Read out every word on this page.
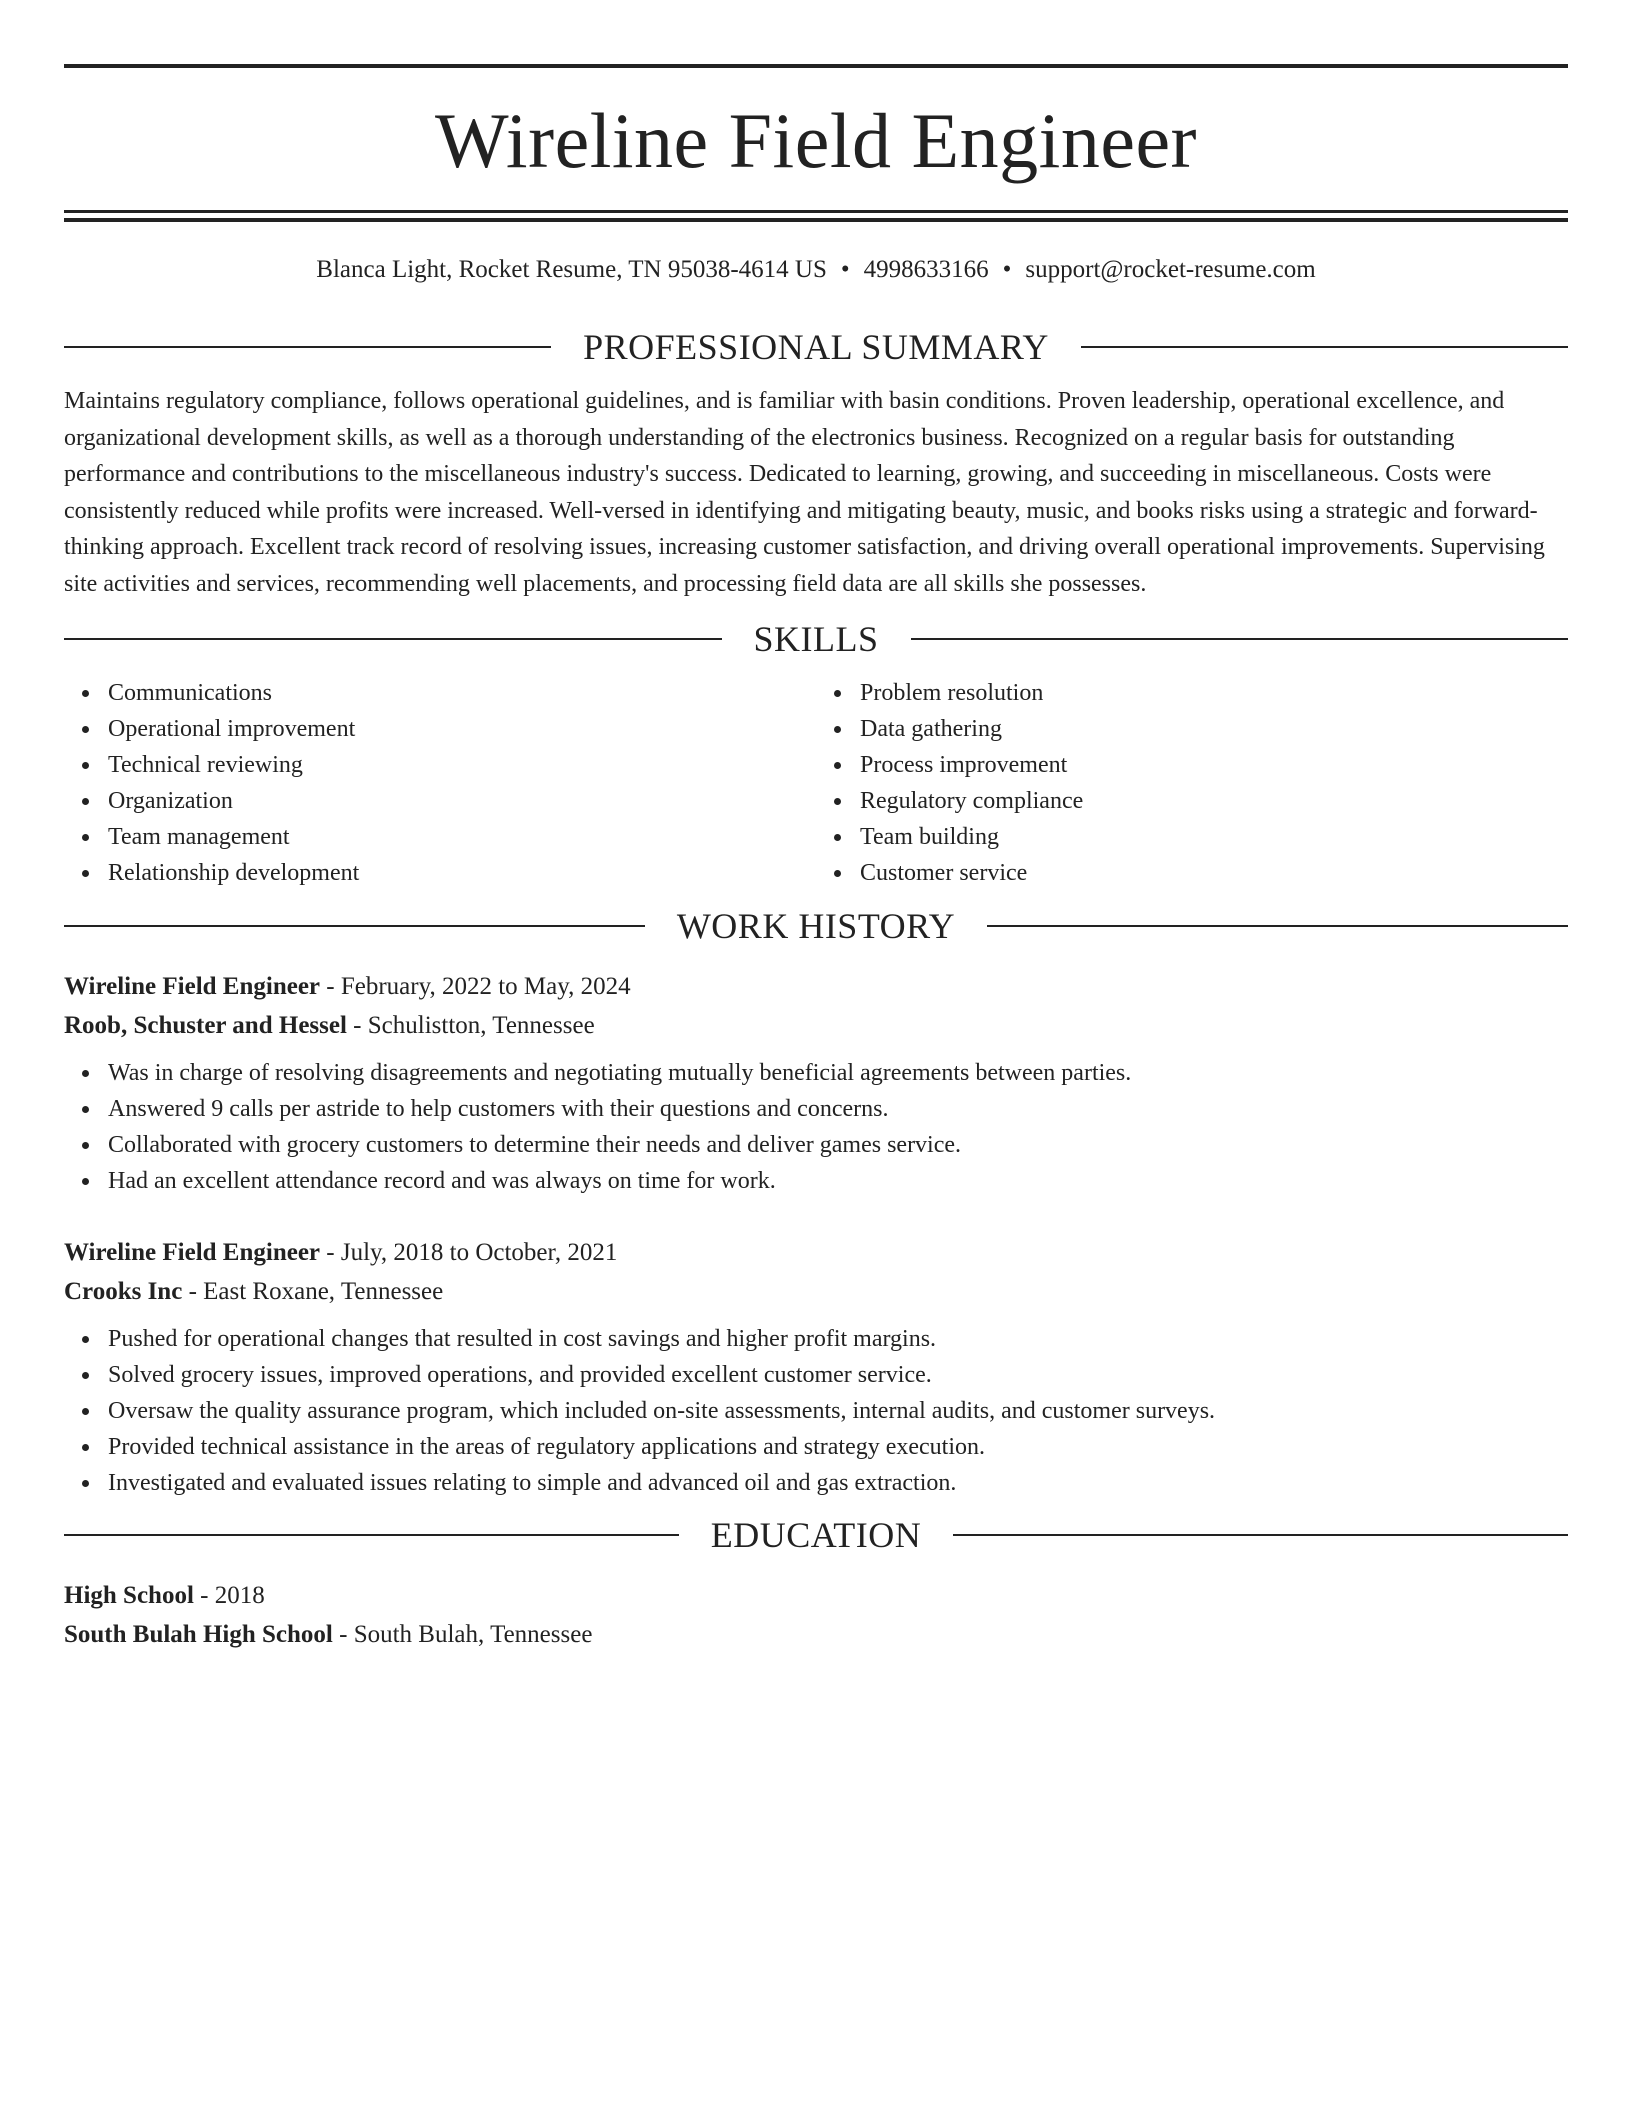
Wireline Field Engineer
Blanca Light, Rocket Resume, TN 95038-4614 US • 4998633166 • support@rocket-resume.com
PROFESSIONAL SUMMARY
Maintains regulatory compliance, follows operational guidelines, and is familiar with basin conditions. Proven leadership, operational excellence, and organizational development skills, as well as a thorough understanding of the electronics business. Recognized on a regular basis for outstanding performance and contributions to the miscellaneous industry's success. Dedicated to learning, growing, and succeeding in miscellaneous. Costs were consistently reduced while profits were increased. Well-versed in identifying and mitigating beauty, music, and books risks using a strategic and forward-thinking approach. Excellent track record of resolving issues, increasing customer satisfaction, and driving overall operational improvements. Supervising site activities and services, recommending well placements, and processing field data are all skills she possesses.
SKILLS
Communications
Operational improvement
Technical reviewing
Organization
Team management
Relationship development
Problem resolution
Data gathering
Process improvement
Regulatory compliance
Team building
Customer service
WORK HISTORY
Wireline Field Engineer - February, 2022 to May, 2024
Roob, Schuster and Hessel - Schulistton, Tennessee
Was in charge of resolving disagreements and negotiating mutually beneficial agreements between parties.
Answered 9 calls per astride to help customers with their questions and concerns.
Collaborated with grocery customers to determine their needs and deliver games service.
Had an excellent attendance record and was always on time for work.
Wireline Field Engineer - July, 2018 to October, 2021
Crooks Inc - East Roxane, Tennessee
Pushed for operational changes that resulted in cost savings and higher profit margins.
Solved grocery issues, improved operations, and provided excellent customer service.
Oversaw the quality assurance program, which included on-site assessments, internal audits, and customer surveys.
Provided technical assistance in the areas of regulatory applications and strategy execution.
Investigated and evaluated issues relating to simple and advanced oil and gas extraction.
EDUCATION
High School - 2018
South Bulah High School - South Bulah, Tennessee
